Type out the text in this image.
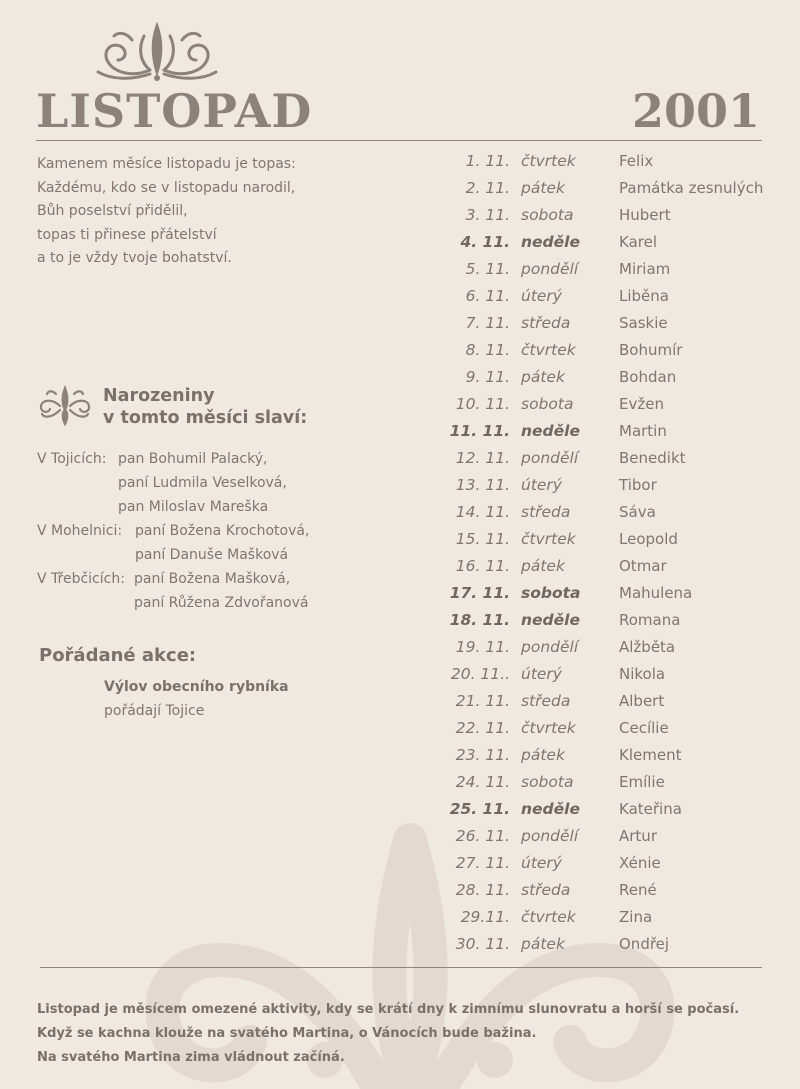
LISTOPAD	2001
Kamenem měsíce listopadu je topas:
Každému, kdo se v listopadu narodil,
Bůh poselství přidělil,
topas ti přinese přátelství
a to je vždy tvoje bohatství.
Narozeniny
v tomto měsíci slaví:
V Tojicích: pan Bohumil Palacký,
paní Ludmila Veselková,
pan Miloslav Mareška
V Mohelnici: paní Božena Krochotová,
paní Danuše Mašková
V Třebčicích: paní Božena Mašková,
paní Růžena Zdvořanová
Pořádané akce:
Výlov obecního rybníka
pořádají Tojice
1. 11. čtvrtek	Felix
2. 11. pátek	Památka zesnulých
3. 11. sobota	Hubert
4. 11. neděle	Karel
5. 11. pondělí	Miriam
6. 11. úterý	Liběna
7. 11. středa	Saskie
8. 11. čtvrtek	Bohumír
9. 11. pátek	Bohdan
10. 11. sobota	Evžen
11. 11. neděle	Martin
12. 11. pondělí	Benedikt
13. 11. úterý	Tibor
14. 11. středa	Sáva
15. 11. čtvrtek	Leopold
16. 11. pátek	Otmar
17. 11. sobota	Mahulena
18. 11. neděle	Romana
19. 11. pondělí	Alžběta
20. 11.. úterý	Nikola
21. 11. středa	Albert
22. 11. čtvrtek	Cecílie
23. 11. pátek	Klement
24. 11. sobota	Emílie
25. 11. neděle	Kateřina
26. 11. pondělí	Artur
27. 11. úterý	Xénie
28. 11. středa	René
29.11. čtvrtek	Zina
30. 11. pátek	Ondřej
Listopad je měsícem omezené aktivity, kdy se krátí dny k zimnímu slunovratu a horší se počasí.
Když se kachna klouže na svatého Martina, o Vánocích bude bažina.
Na svatého Martina zima vládnout začíná.
